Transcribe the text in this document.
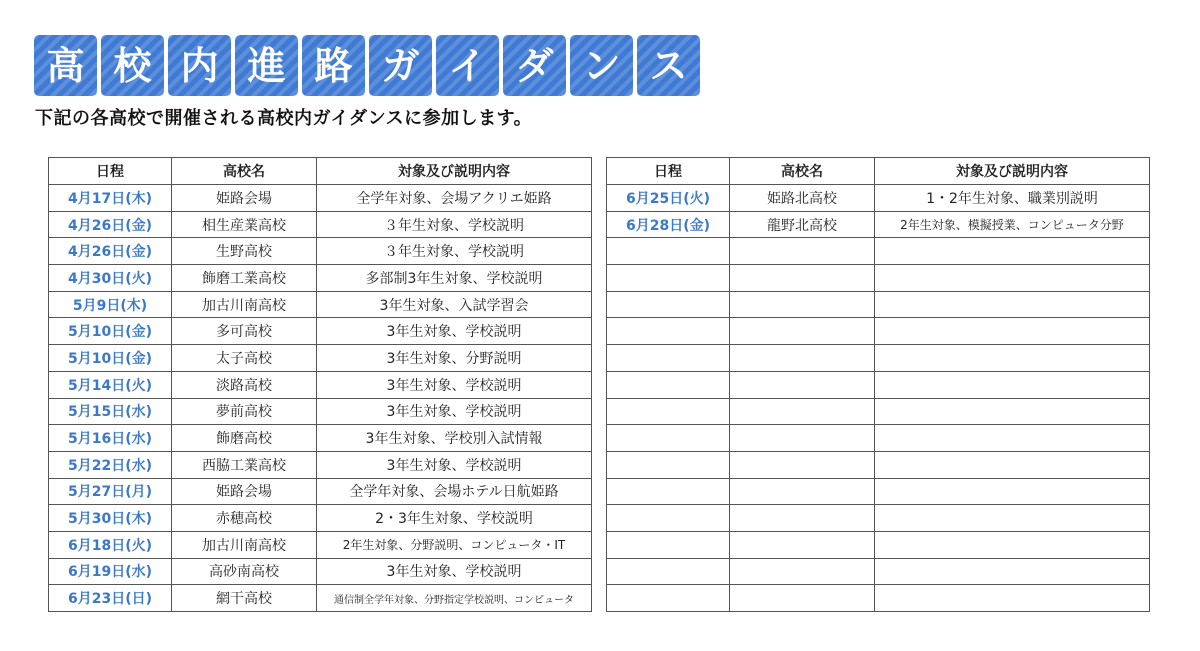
高 校 内 進 路 ガ イ ダ ン ス
下記の各高校で開催される高校内ガイダンスに参加します。
日程	高校名	対象及び説明内容
4月17日(木)	姫路会場	全学年対象、会場アクリエ姫路
4月26日(金)	相生産業高校	３年生対象、学校説明
4月26日(金)	生野高校	３年生対象、学校説明
4月30日(火)	飾磨工業高校	多部制3年生対象、学校説明
5月9日(木)	加古川南高校	3年生対象、入試学習会
5月10日(金)	多可高校	3年生対象、学校説明
5月10日(金)	太子高校	3年生対象、分野説明
5月14日(火)	淡路高校	3年生対象、学校説明
5月15日(水)	夢前高校	3年生対象、学校説明
5月16日(水)	飾磨高校	3年生対象、学校別入試情報
5月22日(水)	西脇工業高校	3年生対象、学校説明
5月27日(月)	姫路会場	全学年対象、会場ホテル日航姫路
5月30日(木)	赤穂高校	2・3年生対象、学校説明
6月18日(火)	加古川南高校	2年生対象、分野説明、コンピュータ・IT
6月19日(水)	高砂南高校	3年生対象、学校説明
6月23日(日)	網干高校	通信制全学年対象、分野指定学校説明、コンピュータ
日程	高校名	対象及び説明内容
6月25日(火)	姫路北高校	1・2年生対象、職業別説明
6月28日(金)	龍野北高校	2年生対象、模擬授業、コンピュータ分野
